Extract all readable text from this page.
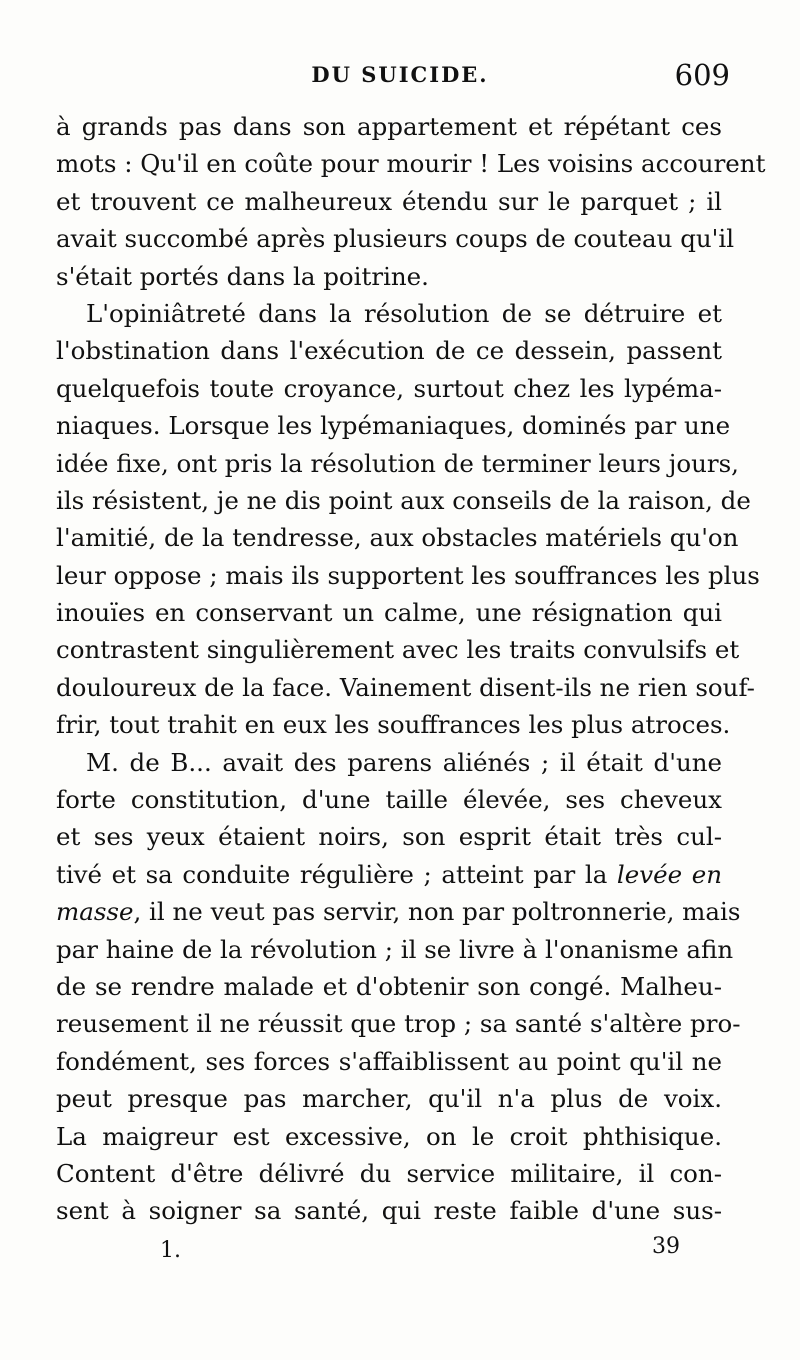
DU SUICIDE.	609
à grands pas dans son appartement et répétant ces
mots : Qu'il en coûte pour mourir ! Les voisins accourent
et trouvent ce malheureux étendu sur le parquet ; il
avait succombé après plusieurs coups de couteau qu'il
s'était portés dans la poitrine.
L'opiniâtreté dans la résolution de se détruire et
l'obstination dans l'exécution de ce dessein, passent
quelquefois toute croyance, surtout chez les lypéma-
niaques. Lorsque les lypémaniaques, dominés par une
idée fixe, ont pris la résolution de terminer leurs jours,
ils résistent, je ne dis point aux conseils de la raison, de
l'amitié, de la tendresse, aux obstacles matériels qu'on
leur oppose ; mais ils supportent les souffrances les plus
inouïes en conservant un calme, une résignation qui
contrastent singulièrement avec les traits convulsifs et
douloureux de la face. Vainement disent-ils ne rien souf-
frir, tout trahit en eux les souffrances les plus atroces.
M. de B... avait des parens aliénés ; il était d'une
forte constitution, d'une taille élevée, ses cheveux
et ses yeux étaient noirs, son esprit était très cul-
tivé et sa conduite régulière ; atteint par la levée en
masse, il ne veut pas servir, non par poltronnerie, mais
par haine de la révolution ; il se livre à l'onanisme afin
de se rendre malade et d'obtenir son congé. Malheu-
reusement il ne réussit que trop ; sa santé s'altère pro-
fondément, ses forces s'affaiblissent au point qu'il ne
peut presque pas marcher, qu'il n'a plus de voix.
La maigreur est excessive, on le croit phthisique.
Content d'être délivré du service militaire, il con-
sent à soigner sa santé, qui reste faible d'une sus-
1.	39
